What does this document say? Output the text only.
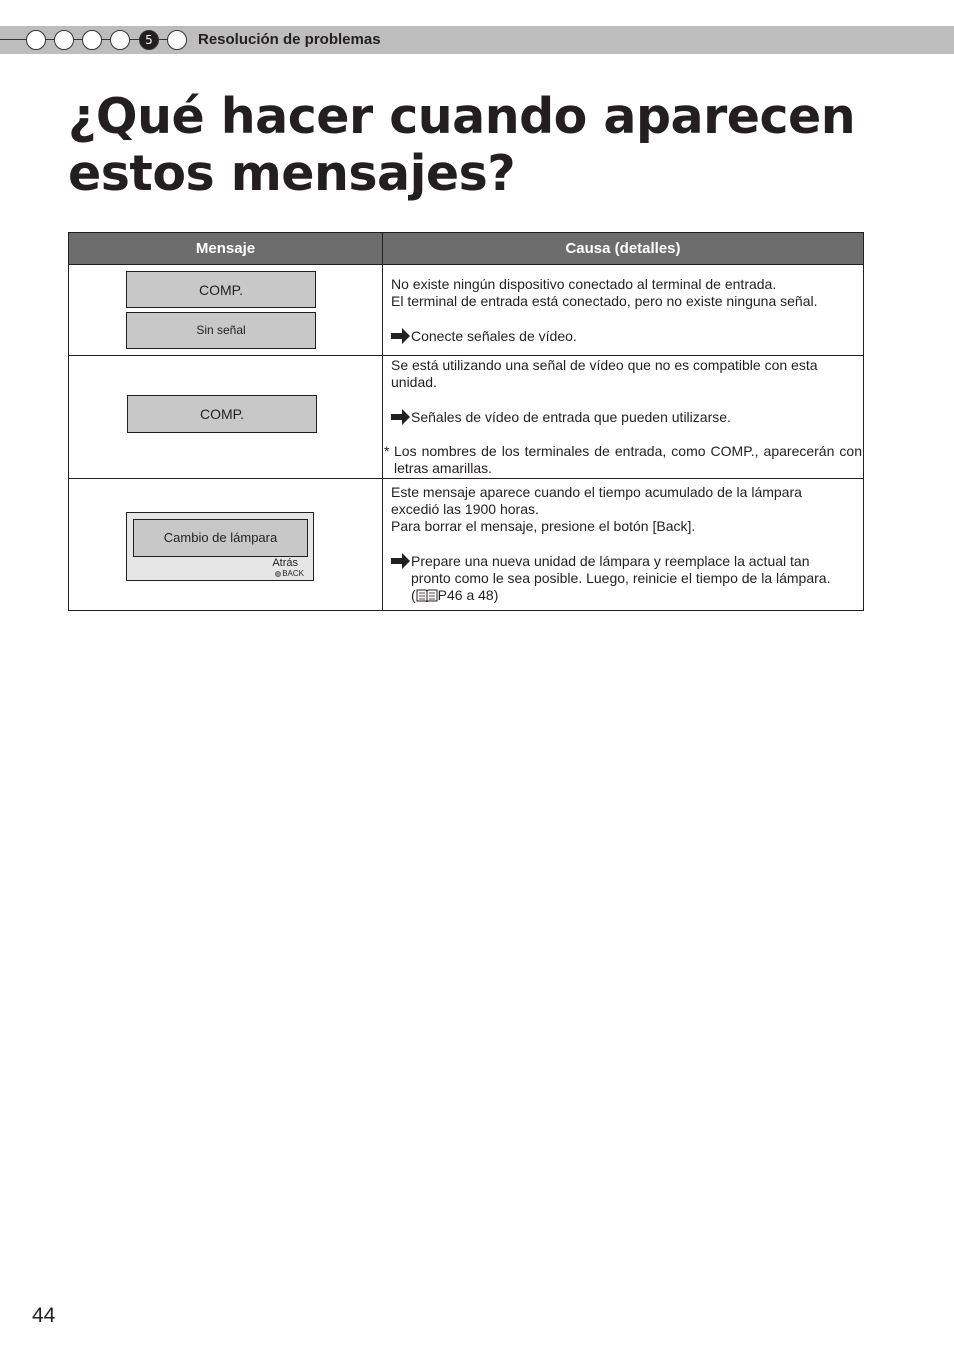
5	Resolución de problemas
¿Qué hacer cuando aparecen
estos mensajes?
Mensaje	Causa (detalles)
COMP.
Sin señal
No existe ningún dispositivo conectado al terminal de entrada.
El terminal de entrada está conectado, pero no existe ninguna señal.
Conecte señales de vídeo.
COMP.
Se está utilizando una señal de vídeo que no es compatible con esta
unidad.
Señales de vídeo de entrada que pueden utilizarse.
* Los nombres de los terminales de entrada, como COMP., aparecerán con letras amarillas.
Cambio de lámpara
Atrás
BACK
Este mensaje aparece cuando el tiempo acumulado de la lámpara
excedió las 1900 horas.
Para borrar el mensaje, presione el botón [Back].
Prepare una nueva unidad de lámpara y reemplace la actual tan
pronto como le sea posible. Luego, reinicie el tiempo de la lámpara.
( P46 a 48)
44
